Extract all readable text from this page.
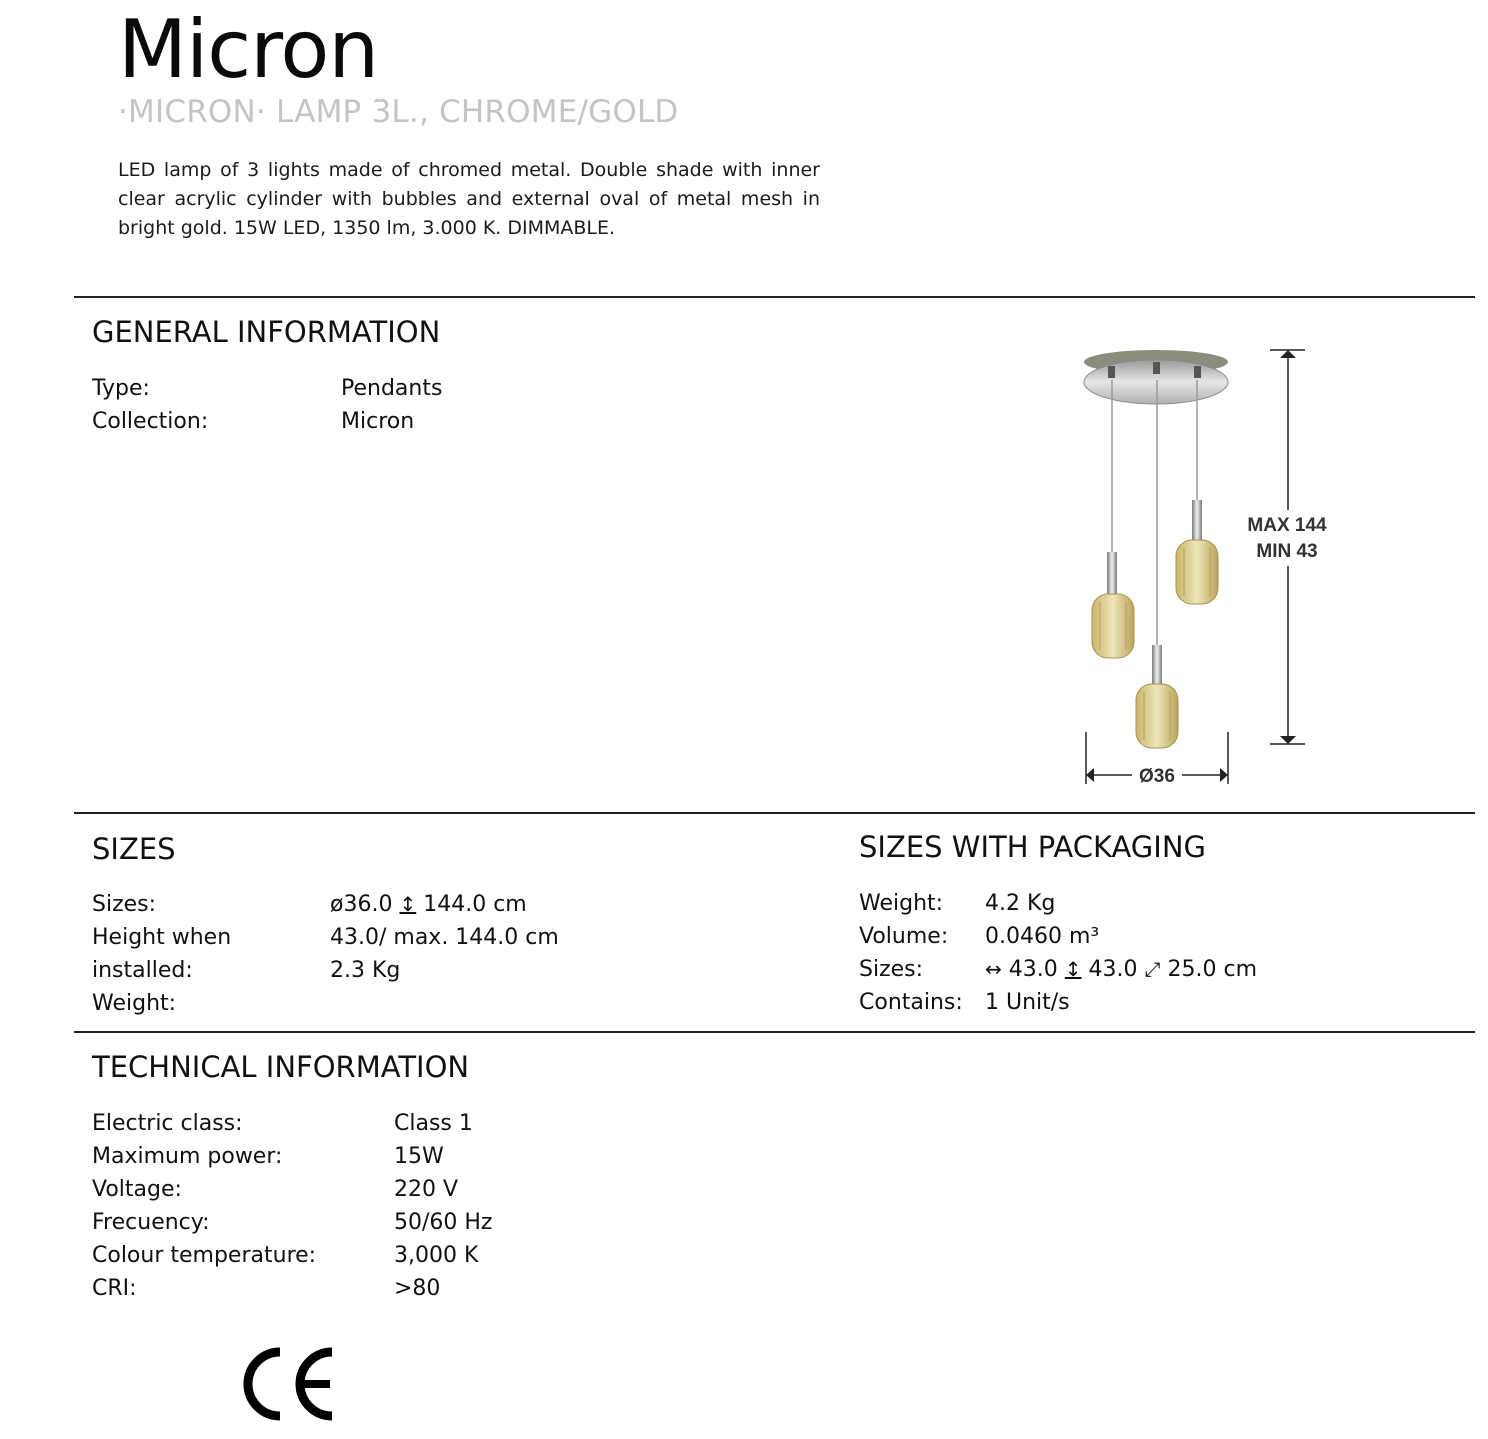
Micron
·MICRON· LAMP 3L., CHROME/GOLD
LED lamp of 3 lights made of chromed metal. Double shade with inner clear acrylic cylinder with bubbles and external oval of metal mesh in bright gold. 15W LED, 1350 lm, 3.000 K. DIMMABLE.
GENERAL INFORMATION
Type:	Pendants
Collection:	Micron
MAX 144
MIN 43
Ø36
SIZES
Sizes:
Height when
installed:
Weight:
ø36.0 ↕ 144.0 cm
43.0/ max. 144.0 cm
2.3 Kg
SIZES WITH PACKAGING
Weight:
Volume:
Sizes:
Contains:
4.2 Kg
0.0460 m³
↔ 43.0 ↕ 43.0 ⤢ 25.0 cm
1 Unit/s
TECHNICAL INFORMATION
Electric class:
Maximum power:
Voltage:
Frecuency:
Colour temperature:
CRI:
Class 1
15W
220 V
50/60 Hz
3,000 K
>80
